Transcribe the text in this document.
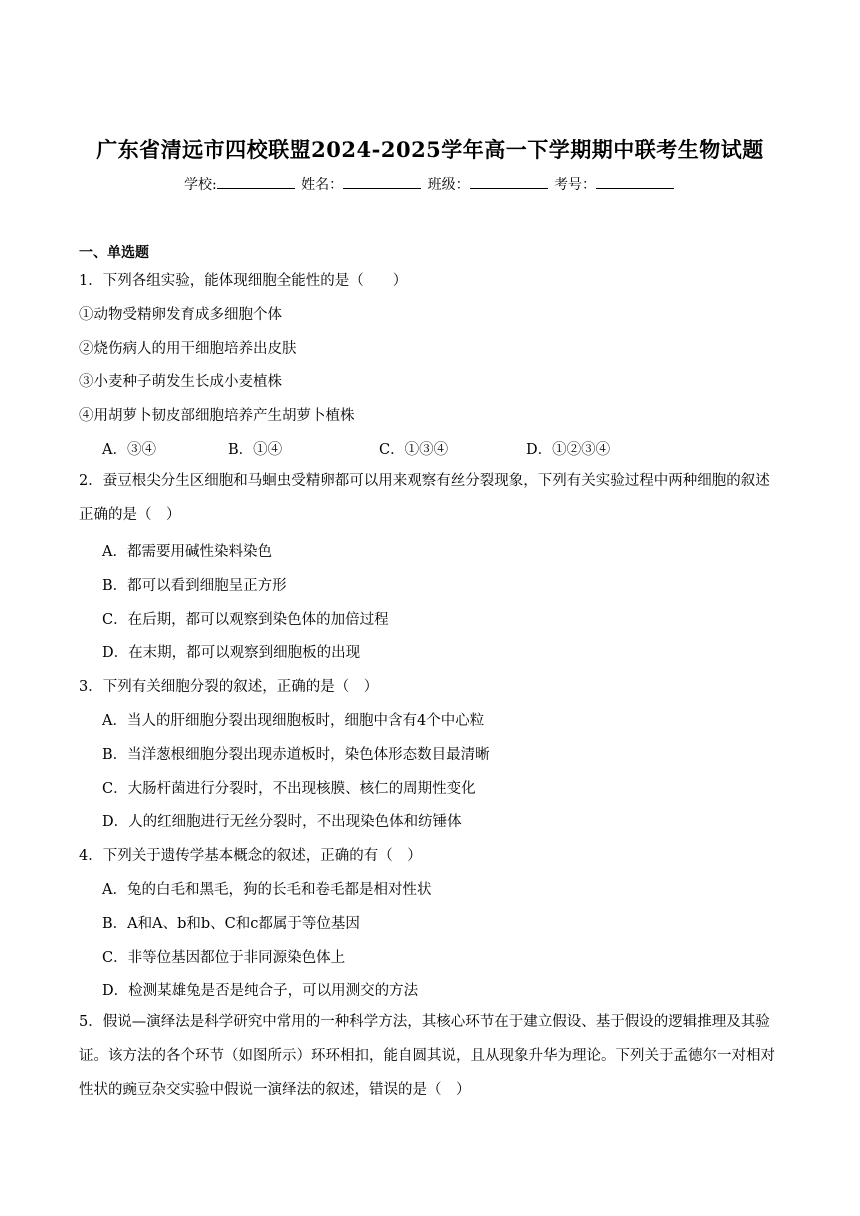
广东省清远市四校联盟2024-2025学年高一下学期期中联考生物试题
学校:	姓名：	班级：	考号：
一、单选题
1．下列各组实验，能体现细胞全能性的是（　　）
①动物受精卵发育成多细胞个体
②烧伤病人的用干细胞培养出皮肤
③小麦种子萌发生长成小麦植株
④用胡萝卜韧皮部细胞培养产生胡萝卜植株
A．③④	B．①④	C．①③④	D．①②③④
2．蚕豆根尖分生区细胞和马蛔虫受精卵都可以用来观察有丝分裂现象，下列有关实验过程中两种细胞的叙述正确的是（　）
A．都需要用碱性染料染色
B．都可以看到细胞呈正方形
C．在后期，都可以观察到染色体的加倍过程
D．在末期，都可以观察到细胞板的出现
3．下列有关细胞分裂的叙述，正确的是（　）
A．当人的肝细胞分裂出现细胞板时，细胞中含有4个中心粒
B．当洋葱根细胞分裂出现赤道板时，染色体形态数目最清晰
C．大肠杆菌进行分裂时，不出现核膜、核仁的周期性变化
D．人的红细胞进行无丝分裂时，不出现染色体和纺锤体
4．下列关于遗传学基本概念的叙述，正确的有（　）
A．兔的白毛和黑毛，狗的长毛和卷毛都是相对性状
B．A和A、b和b、C和c都属于等位基因
C．非等位基因都位于非同源染色体上
D．检测某雄兔是否是纯合子，可以用测交的方法
5．假说—演绎法是科学研究中常用的一种科学方法，其核心环节在于建立假设、基于假设的逻辑推理及其验证。该方法的各个环节（如图所示）环环相扣，能自圆其说，且从现象升华为理论。下列关于孟德尔一对相对性状的豌豆杂交实验中假说一演绎法的叙述，错误的是（　）
